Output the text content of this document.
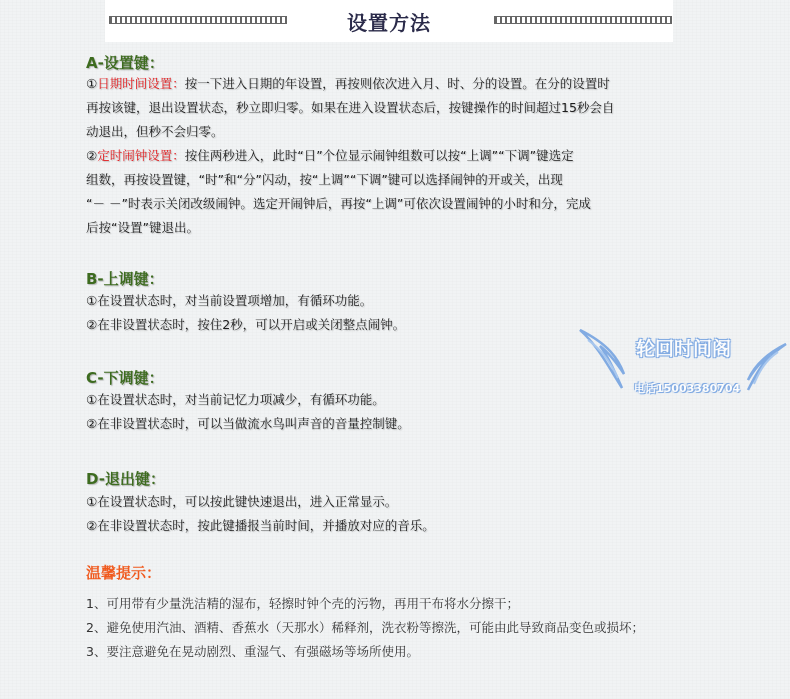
设置方法
A-设置键：
①日期时间设置：按一下进入日期的年设置，再按则依次进入月、时、分的设置。在分的设置时
再按该键，退出设置状态，秒立即归零。如果在进入设置状态后，按键操作的时间超过15秒会自
动退出，但秒不会归零。
②定时闹钟设置：按住两秒进入，此时“日”个位显示闹钟组数可以按“上调”“下调”键选定
组数，再按设置键，“时”和“分”闪动，按“上调”“下调”键可以选择闹钟的开或关，出现
“－ －”时表示关闭改级闹钟。选定开闹钟后，再按“上调”可依次设置闹钟的小时和分，完成
后按“设置”键退出。
B-上调键：
①在设置状态时，对当前设置项增加，有循环功能。
②在非设置状态时，按住2秒，可以开启或关闭整点闹钟。
C-下调键：
①在设置状态时，对当前记忆力项减少，有循环功能。
②在非设置状态时，可以当做流水鸟叫声音的音量控制键。
D-退出键：
①在设置状态时，可以按此键快速退出，进入正常显示。
②在非设置状态时，按此键播报当前时间，并播放对应的音乐。
温馨提示：
1、可用带有少量洗洁精的湿布，轻擦时钟个壳的污物，再用干布将水分擦干；
2、避免使用汽油、酒精、香蕉水（天那水）稀释剂，洗衣粉等擦洗，可能由此导致商品变色或损坏；
3、要注意避免在晃动剧烈、重湿气、有强磁场等场所使用。
轮回时间阁
电话15003380704
